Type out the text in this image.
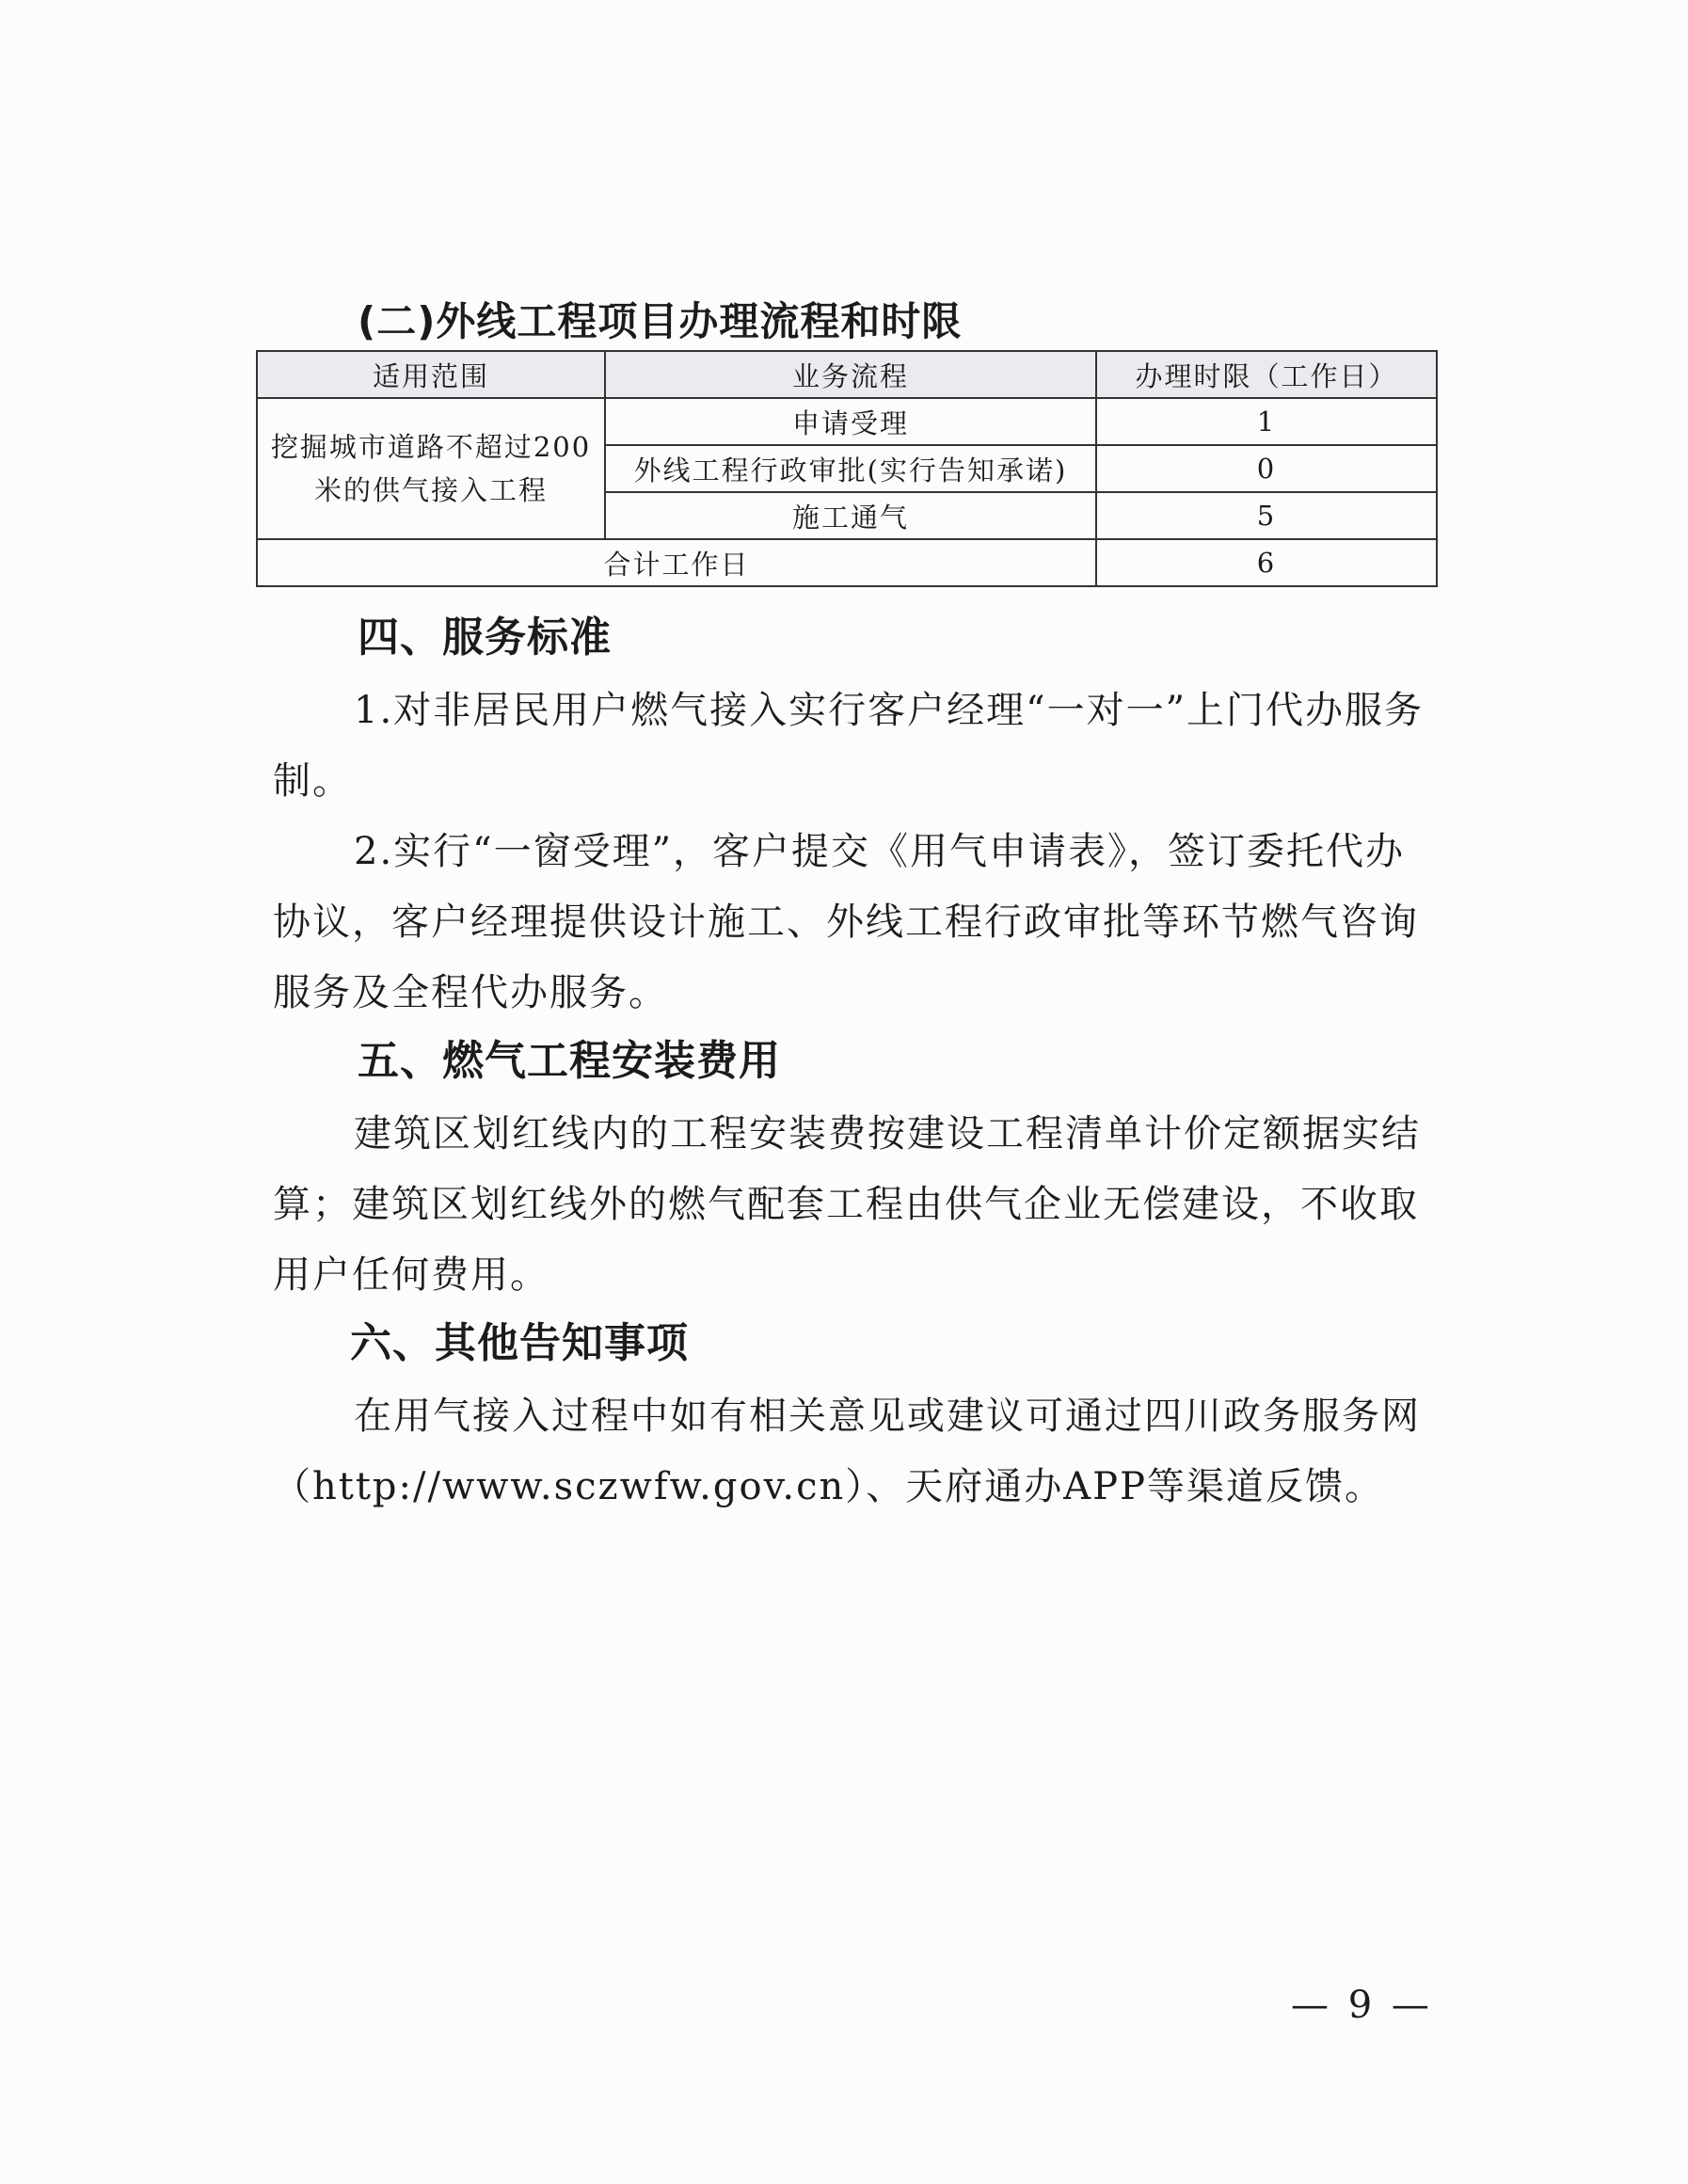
(二)外线工程项目办理流程和时限
适用范围	业务流程	办理时限（工作日）
挖掘城市道路不超过200米的供气接入工程	申请受理	1
	外线工程行政审批(实行告知承诺)	0
	施工通气	5
合计工作日		6
四、服务标准
1.对非居民用户燃气接入实行客户经理“一对一”上门代办服务制。
2.实行“一窗受理”，客户提交《用气申请表》，签订委托代办协议，客户经理提供设计施工、外线工程行政审批等环节燃气咨询服务及全程代办服务。
五、燃气工程安装费用
建筑区划红线内的工程安装费按建设工程清单计价定额据实结算；建筑区划红线外的燃气配套工程由供气企业无偿建设，不收取用户任何费用。
六、其他告知事项
在用气接入过程中如有相关意见或建议可通过四川政务服务网（http://www.sczwfw.gov.cn）、天府通办APP等渠道反馈。
— 9 —
